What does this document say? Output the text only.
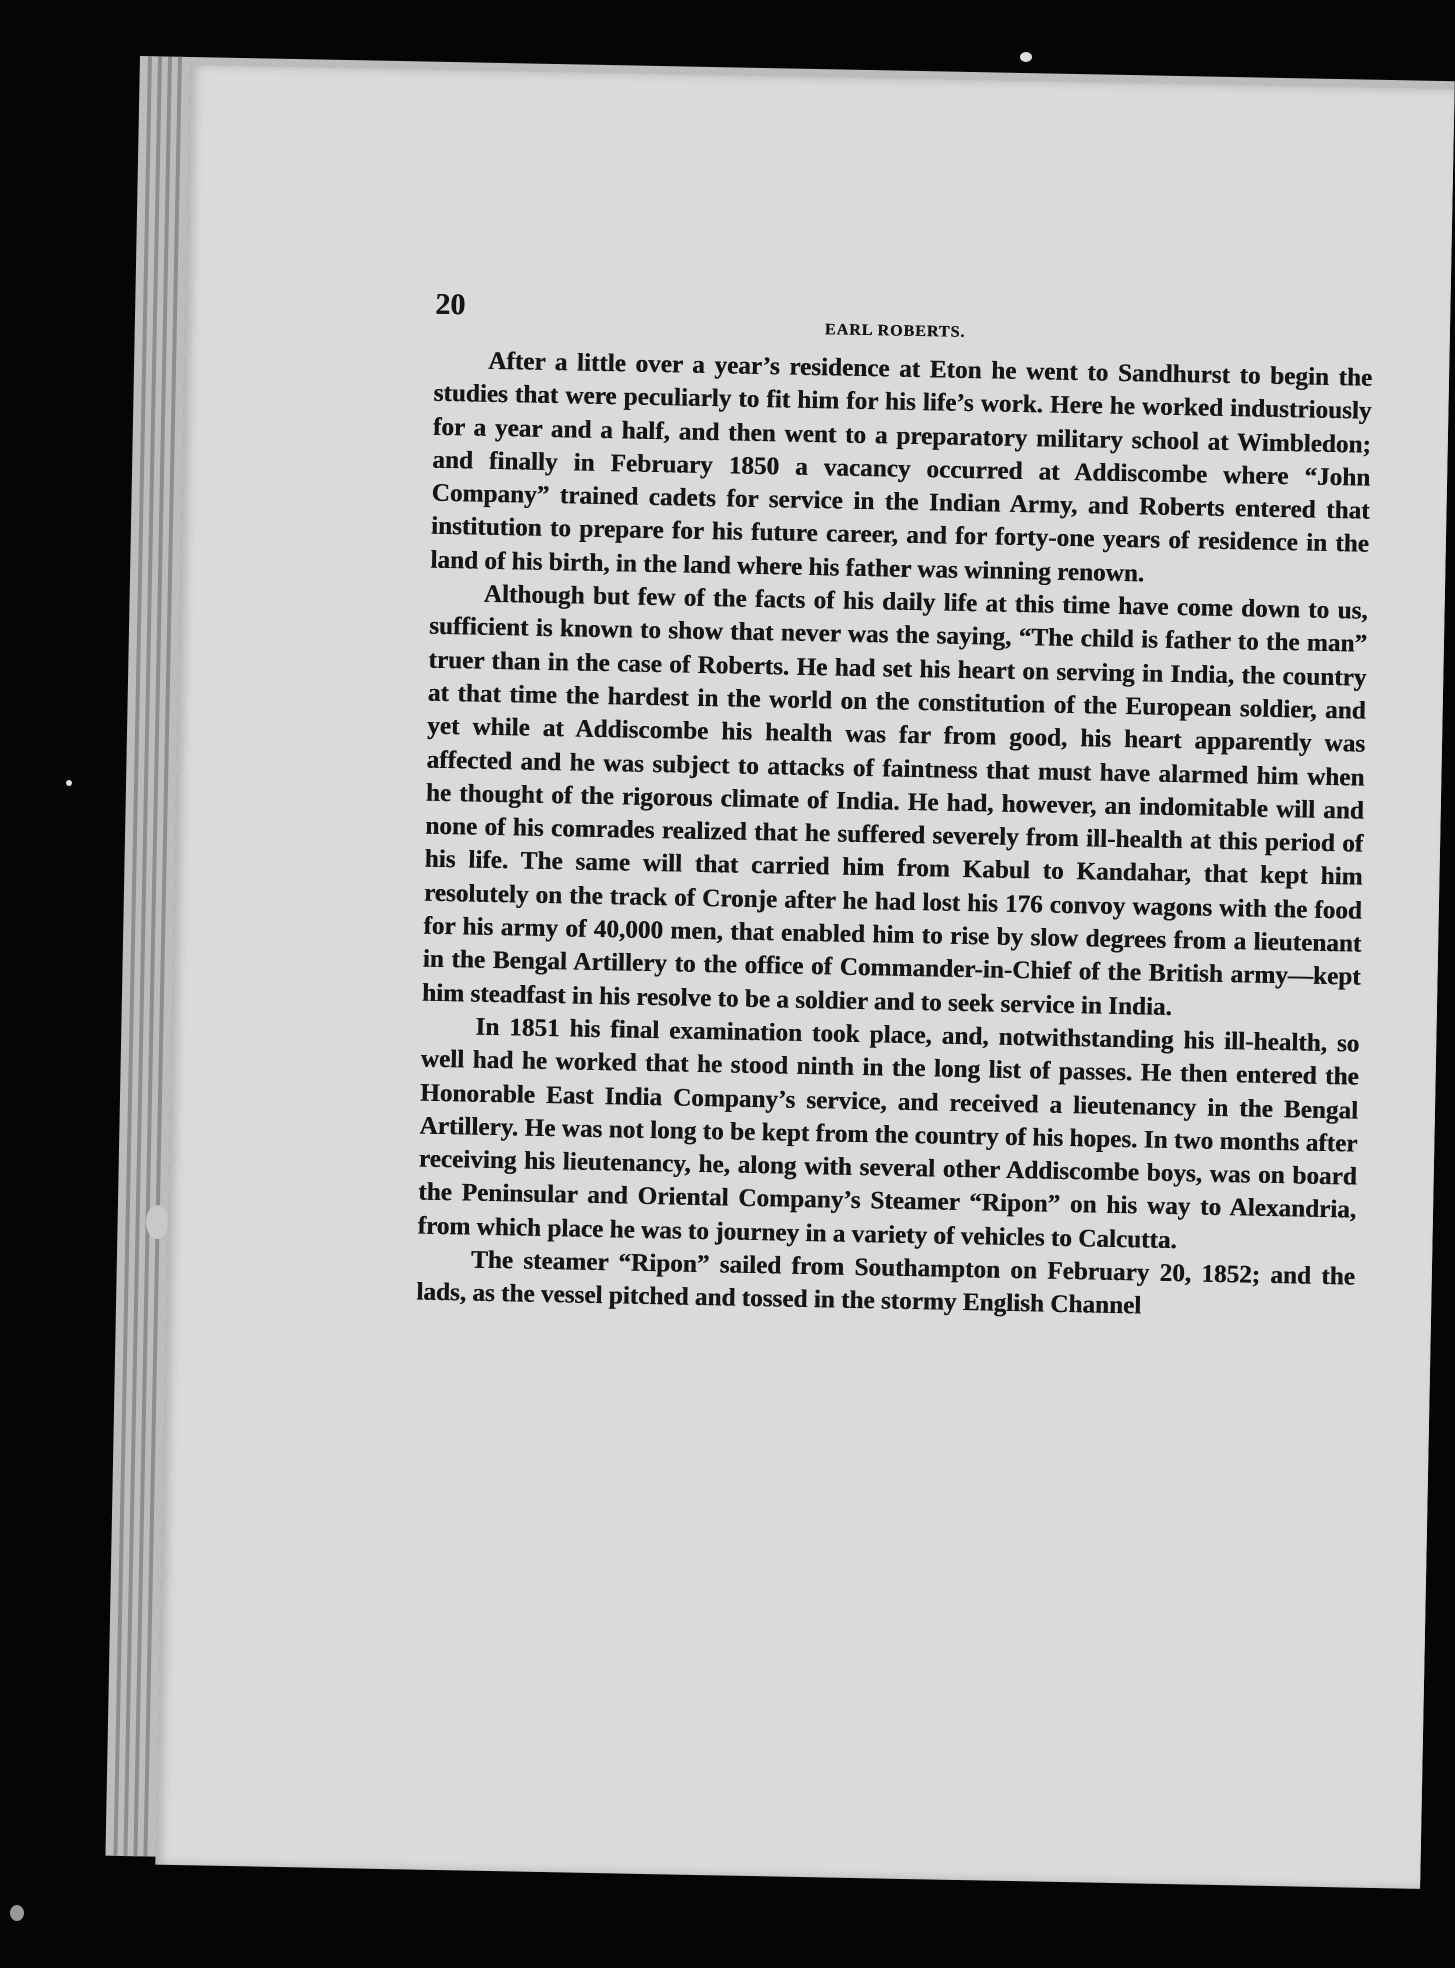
20
EARL ROBERTS.

After a little over a year’s residence at Eton he went to Sandhurst to begin the studies that were peculiarly to fit him for his life’s work. Here he worked industriously for a year and a half, and then went to a preparatory military school at Wimbledon; and finally in February 1850 a vacancy occurred at Addiscombe where “John Company” trained cadets for service in the Indian Army, and Roberts entered that institution to prepare for his future career, and for forty-one years of residence in the land of his birth, in the land where his father was winning renown.

Although but few of the facts of his daily life at this time have come down to us, sufficient is known to show that never was the saying, “The child is father to the man” truer than in the case of Roberts. He had set his heart on serving in India, the country at that time the hardest in the world on the constitution of the European soldier, and yet while at Addiscombe his health was far from good, his heart apparently was affected and he was subject to attacks of faintness that must have alarmed him when he thought of the rigorous climate of India. He had, however, an indomitable will and none of his comrades realized that he suffered severely from ill-health at this period of his life. The same will that carried him from Kabul to Kandahar, that kept him resolutely on the track of Cronje after he had lost his 176 convoy wagons with the food for his army of 40,000 men, that enabled him to rise by slow degrees from a lieutenant in the Bengal Artillery to the office of Commander-in-Chief of the British army—kept him steadfast in his resolve to be a soldier and to seek service in India.

In 1851 his final examination took place, and, notwithstanding his ill-health, so well had he worked that he stood ninth in the long list of passes. He then entered the Honorable East India Company’s service, and received a lieutenancy in the Bengal Artillery. He was not long to be kept from the country of his hopes. In two months after receiving his lieutenancy, he, along with several other Addiscombe boys, was on board the Peninsular and Oriental Company’s Steamer “Ripon” on his way to Alexandria, from which place he was to journey in a variety of vehicles to Calcutta.

The steamer “Ripon” sailed from Southampton on February 20, 1852; and the lads, as the vessel pitched and tossed in the stormy English Channel
